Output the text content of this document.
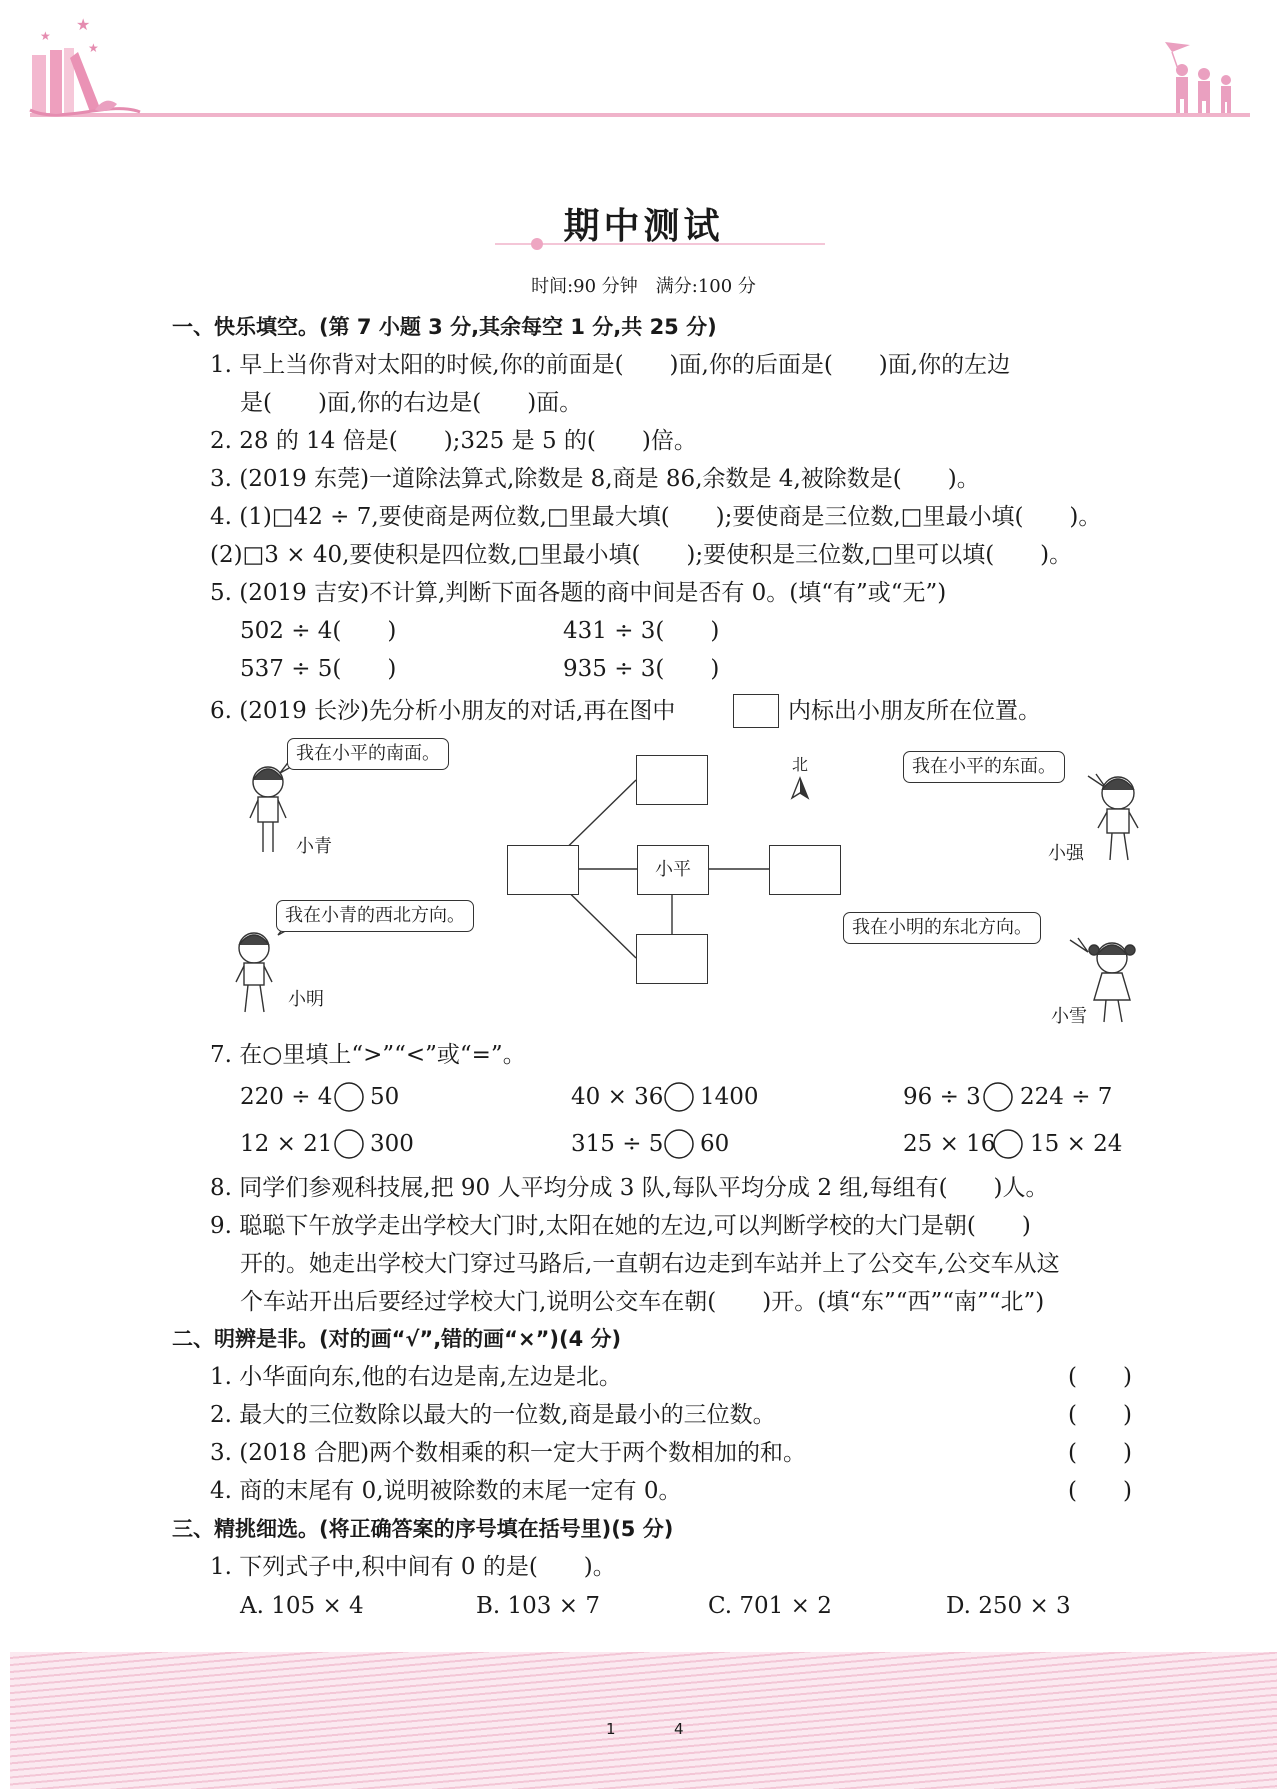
★
★
★
期中测试
时间:90 分钟　满分:100 分
一、快乐填空。(第 7 小题 3 分,其余每空 1 分,共 25 分)
1. 早上当你背对太阳的时候,你的前面是(　　)面,你的后面是(　　)面,你的左边
是(　　)面,你的右边是(　　)面。
2. 28 的 14 倍是(　　);325 是 5 的(　　)倍。
3. (2019 东莞)一道除法算式,除数是 8,商是 86,余数是 4,被除数是(　　)。
4. (1)□42 ÷ 7,要使商是两位数,□里最大填(　　);要使商是三位数,□里最小填(　　)。
(2)□3 × 40,要使积是四位数,□里最小填(　　);要使积是三位数,□里可以填(　　)。
5. (2019 吉安)不计算,判断下面各题的商中间是否有 0。(填“有”或“无”)
502 ÷ 4(　　)	431 ÷ 3(　　)
537 ÷ 5(　　)	935 ÷ 3(　　)
6. (2019 长沙)先分析小朋友的对话,再在图中	内标出小朋友所在位置。
小平
北
我在小平的南面。
我在小平的东面。
我在小青的西北方向。
我在小明的东北方向。
小青	小强
小明
小雪
7. 在○里填上“>”“<”或“=”。
220 ÷ 4 50	40 × 36 1400	96 ÷ 3 224 ÷ 7
12 × 21 300	315 ÷ 5 60	25 × 16 15 × 24
8. 同学们参观科技展,把 90 人平均分成 3 队,每队平均分成 2 组,每组有(　　)人。
9. 聪聪下午放学走出学校大门时,太阳在她的左边,可以判断学校的大门是朝(　　)
开的。她走出学校大门穿过马路后,一直朝右边走到车站并上了公交车,公交车从这
个车站开出后要经过学校大门,说明公交车在朝(　　)开。(填“东”“西”“南”“北”)
二、明辨是非。(对的画“√”,错的画“×”)(4 分)
1. 小华面向东,他的右边是南,左边是北。	(　　)
2. 最大的三位数除以最大的一位数,商是最小的三位数。	(　　)
3. (2018 合肥)两个数相乘的积一定大于两个数相加的和。	(　　)
4. 商的末尾有 0,说明被除数的末尾一定有 0。	(　　)
三、精挑细选。(将正确答案的序号填在括号里)(5 分)
1. 下列式子中,积中间有 0 的是(　　)。
A. 105 × 4	B. 103 × 7	C. 701 × 2	D. 250 × 3
1	4
